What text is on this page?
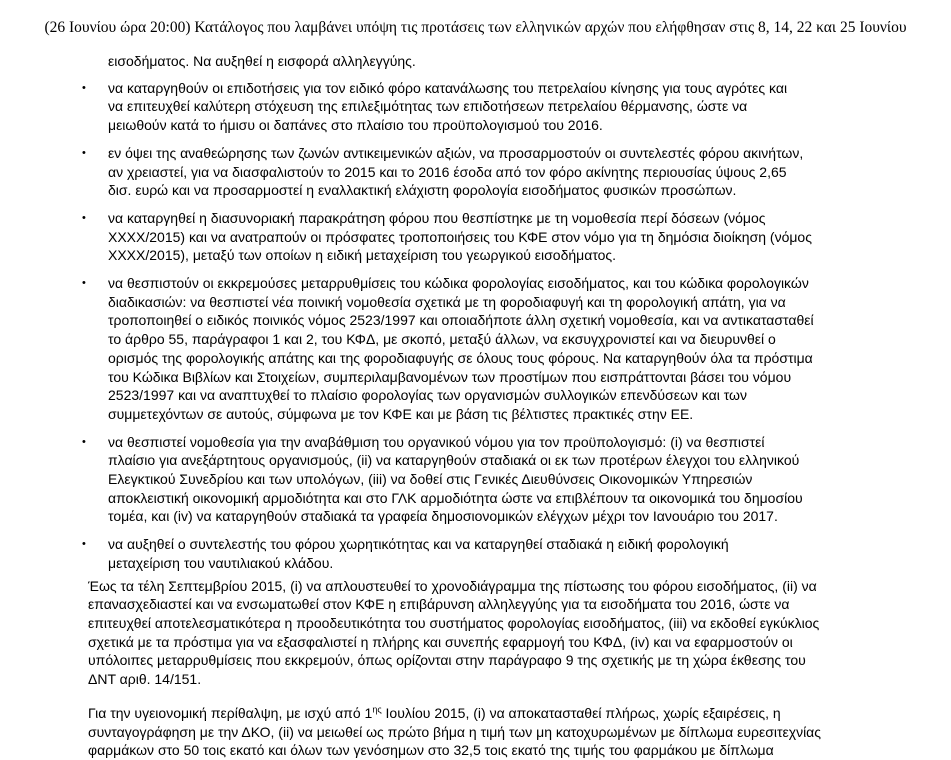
(26 Ιουνίου ώρα 20:00) Κατάλογος που λαμβάνει υπόψη τις προτάσεις των ελληνικών αρχών που ελήφθησαν στις 8, 14, 22 και 25 Ιουνίου
εισοδήματος. Να αυξηθεί η εισφορά αλληλεγγύης.
• να καταργηθούν οι επιδοτήσεις για τον ειδικό φόρο κατανάλωσης του πετρελαίου κίνησης για τους αγρότες και
να επιτευχθεί καλύτερη στόχευση της επιλεξιμότητας των επιδοτήσεων πετρελαίου θέρμανσης, ώστε να
μειωθούν κατά το ήμισυ οι δαπάνες στο πλαίσιο του προϋπολογισμού του 2016.
• εν όψει της αναθεώρησης των ζωνών αντικειμενικών αξιών, να προσαρμοστούν οι συντελεστές φόρου ακινήτων,
αν χρειαστεί, για να διασφαλιστούν το 2015 και το 2016 έσοδα από τον φόρο ακίνητης περιουσίας ύψους 2,65
δισ. ευρώ και να προσαρμοστεί η εναλλακτική ελάχιστη φορολογία εισοδήματος φυσικών προσώπων.
• να καταργηθεί η διασυνοριακή παρακράτηση φόρου που θεσπίστηκε με τη νομοθεσία περί δόσεων (νόμος
XXXX/2015) και να ανατραπούν οι πρόσφατες τροποποιήσεις του ΚΦΕ στον νόμο για τη δημόσια διοίκηση (νόμος
XXXX/2015), μεταξύ των οποίων η ειδική μεταχείριση του γεωργικού εισοδήματος.
• να θεσπιστούν οι εκκρεμούσες μεταρρυθμίσεις του κώδικα φορολογίας εισοδήματος, και του κώδικα φορολογικών
διαδικασιών: να θεσπιστεί νέα ποινική νομοθεσία σχετικά με τη φοροδιαφυγή και τη φορολογική απάτη, για να
τροποποιηθεί ο ειδικός ποινικός νόμος 2523/1997 και οποιαδήποτε άλλη σχετική νομοθεσία, και να αντικατασταθεί
το άρθρο 55, παράγραφοι 1 και 2, του ΚΦΔ, με σκοπό, μεταξύ άλλων, να εκσυγχρονιστεί και να διευρυνθεί ο
ορισμός της φορολογικής απάτης και της φοροδιαφυγής σε όλους τους φόρους. Να καταργηθούν όλα τα πρόστιμα
του Κώδικα Βιβλίων και Στοιχείων, συμπεριλαμβανομένων των προστίμων που εισπράττονται βάσει του νόμου
2523/1997 και να αναπτυχθεί το πλαίσιο φορολογίας των οργανισμών συλλογικών επενδύσεων και των
συμμετεχόντων σε αυτούς, σύμφωνα με τον ΚΦΕ και με βάση τις βέλτιστες πρακτικές στην ΕΕ.
• να θεσπιστεί νομοθεσία για την αναβάθμιση του οργανικού νόμου για τον προϋπολογισμό: (i) να θεσπιστεί
πλαίσιο για ανεξάρτητους οργανισμούς, (ii) να καταργηθούν σταδιακά οι εκ των προτέρων έλεγχοι του ελληνικού
Ελεγκτικού Συνεδρίου και των υπολόγων, (iii) να δοθεί στις Γενικές Διευθύνσεις Οικονομικών Υπηρεσιών
αποκλειστική οικονομική αρμοδιότητα και στο ΓΛΚ αρμοδιότητα ώστε να επιβλέπουν τα οικονομικά του δημοσίου
τομέα, και (iv) να καταργηθούν σταδιακά τα γραφεία δημοσιονομικών ελέγχων μέχρι τον Ιανουάριο του 2017.
• να αυξηθεί ο συντελεστής του φόρου χωρητικότητας και να καταργηθεί σταδιακά η ειδική φορολογική
μεταχείριση του ναυτιλιακού κλάδου.
Έως τα τέλη Σεπτεμβρίου 2015, (i) να απλουστευθεί το χρονοδιάγραμμα της πίστωσης του φόρου εισοδήματος, (ii) να
επανασχεδιαστεί και να ενσωματωθεί στον ΚΦΕ η επιβάρυνση αλληλεγγύης για τα εισοδήματα του 2016, ώστε να
επιτευχθεί αποτελεσματικότερα η προοδευτικότητα του συστήματος φορολογίας εισοδήματος, (iii) να εκδοθεί εγκύκλιος
σχετικά με τα πρόστιμα για να εξασφαλιστεί η πλήρης και συνεπής εφαρμογή του ΚΦΔ, (iv) και να εφαρμοστούν οι
υπόλοιπες μεταρρυθμίσεις που εκκρεμούν, όπως ορίζονται στην παράγραφο 9 της σχετικής με τη χώρα έκθεσης του
ΔΝΤ αριθ. 14/151.
Για την υγειονομική περίθαλψη, με ισχύ από $1^{\eta\varsigma}$ Ιουλίου 2015, (i) να αποκατασταθεί πλήρως, χωρίς εξαιρέσεις, η
συνταγογράφηση με την ΔΚΟ, (ii) να μειωθεί ως πρώτο βήμα η τιμή των μη κατοχυρωμένων με δίπλωμα ευρεσιτεχνίας
φαρμάκων στο 50 τοις εκατό και όλων των γενόσημων στο 32,5 τοις εκατό της τιμής του φαρμάκου με δίπλωμα
